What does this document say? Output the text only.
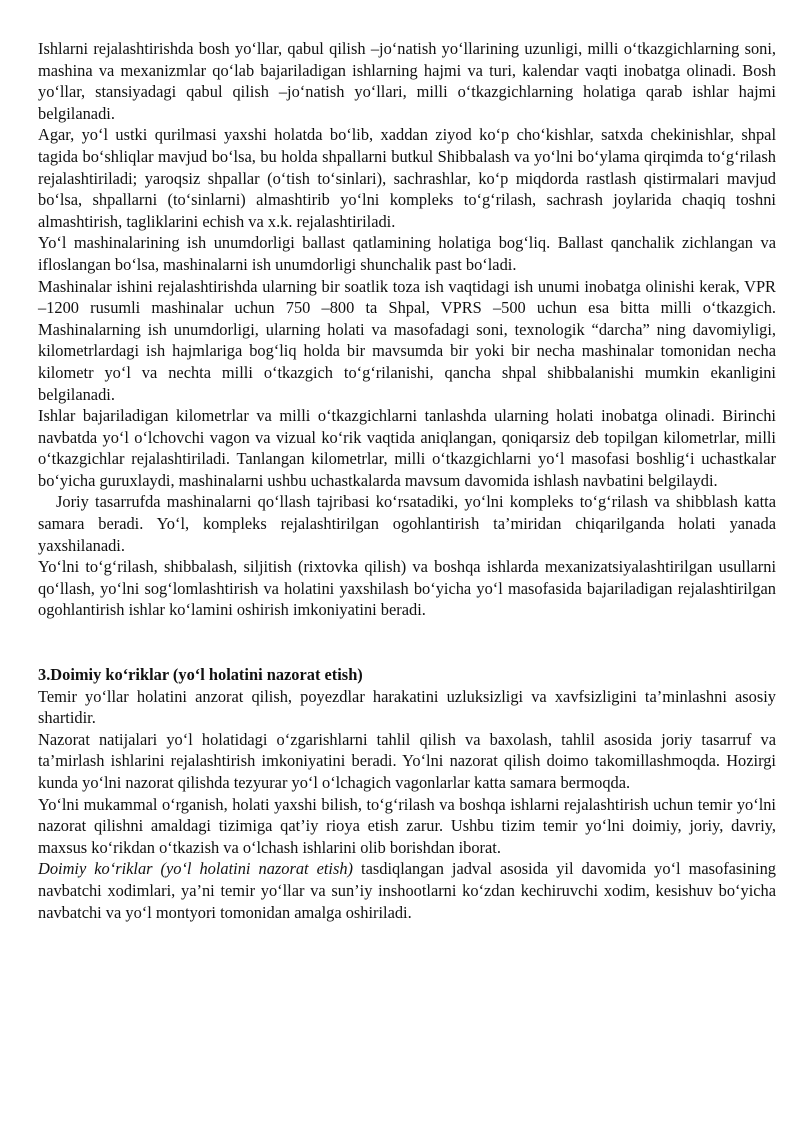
Ishlarni rejalashtirishda bosh yo‘llar, qabul qilish –jo‘natish yo‘llarining uzunligi, milli o‘tkazgichlarning soni, mashina va mexanizmlar qo‘lab bajariladigan ishlarning hajmi va turi, kalendar vaqti inobatga olinadi. Bosh yo‘llar, stansiyadagi qabul qilish –jo‘natish yo‘llari, milli o‘tkazgichlarning holatiga qarab ishlar hajmi belgilanadi.

Agar, yo‘l ustki qurilmasi yaxshi holatda bo‘lib, xaddan ziyod ko‘p cho‘kishlar, satxda chekinishlar, shpal tagida bo‘shliqlar mavjud bo‘lsa, bu holda shpallarni butkul Shibbalash va yo‘lni bo‘ylama qirqimda to‘g‘rilash rejalashtiriladi; yaroqsiz shpallar (o‘tish to‘sinlari), sachrashlar, ko‘p miqdorda rastlash qistirmalari mavjud bo‘lsa, shpallarni (to‘sinlarni) almashtirib yo‘lni kompleks to‘g‘rilash, sachrash joylarida chaqiq toshni almashtirish, tagliklarini echish va x.k. rejalashtiriladi.

Yo‘l mashinalarining ish unumdorligi ballast qatlamining holatiga bog‘liq. Ballast qanchalik zichlangan va ifloslangan bo‘lsa, mashinalarni ish unumdorligi shunchalik past bo‘ladi.

Mashinalar ishini rejalashtirishda ularning bir soatlik toza ish vaqtidagi ish unumi inobatga olinishi kerak, VPR –1200 rusumli mashinalar uchun 750 –800 ta Shpal, VPRS –500 uchun esa bitta milli o‘tkazgich. Mashinalarning ish unumdorligi, ularning holati va masofadagi soni, texnologik “darcha” ning davomiyligi, kilometrlardagi ish hajmlariga bog‘liq holda bir mavsumda bir yoki bir necha mashinalar tomonidan necha kilometr yo‘l va nechta milli o‘tkazgich to‘g‘rilanishi, qancha shpal shibbalanishi mumkin ekanligini belgilanadi.

Ishlar bajariladigan kilometrlar va milli o‘tkazgichlarni tanlashda ularning holati inobatga olinadi. Birinchi navbatda yo‘l o‘lchovchi vagon va vizual ko‘rik vaqtida aniqlangan, qoniqarsiz deb topilgan kilometrlar, milli o‘tkazgichlar rejalashtiriladi. Tanlangan kilometrlar, milli o‘tkazgichlarni yo‘l masofasi boshlig‘i uchastkalar bo‘yicha guruxlaydi, mashinalarni ushbu uchastkalarda mavsum davomida ishlash navbatini belgilaydi.

Joriy tasarrufda mashinalarni qo‘llash tajribasi ko‘rsatadiki, yo‘lni kompleks to‘g‘rilash va shibblash katta samara beradi. Yo‘l, kompleks rejalashtirilgan ogohlantirish ta’miridan chiqarilganda holati yanada yaxshilanadi.

Yo‘lni to‘g‘rilash, shibbalash, siljitish (rixtovka qilish) va boshqa ishlarda mexanizatsiyalashtirilgan usullarni qo‘llash, yo‘lni sog‘lomlashtirish va holatini yaxshilash bo‘yicha yo‘l masofasida bajariladigan rejalashtirilgan ogohlantirish ishlar ko‘lamini oshirish imkoniyatini beradi.

3.Doimiy ko‘riklar (yo‘l holatini nazorat etish)

Temir yo‘llar holatini anzorat qilish, poyezdlar harakatini uzluksizligi va xavfsizligini ta’minlashni asosiy shartidir.

Nazorat natijalari yo‘l holatidagi o‘zgarishlarni tahlil qilish va baxolash, tahlil asosida joriy tasarruf va ta’mirlash ishlarini rejalashtirish imkoniyatini beradi. Yo‘lni nazorat qilish doimo takomillashmoqda. Hozirgi kunda yo‘lni nazorat qilishda tezyurar yo‘l o‘lchagich vagonlarlar katta samara bermoqda.

Yo‘lni mukammal o‘rganish, holati yaxshi bilish, to‘g‘rilash va boshqa ishlarni rejalashtirish uchun temir yo‘lni nazorat qilishni amaldagi tizimiga qat’iy rioya etish zarur. Ushbu tizim temir yo‘lni doimiy, joriy, davriy, maxsus ko‘rikdan o‘tkazish va o‘lchash ishlarini olib borishdan iborat.

Doimiy ko‘riklar (yo‘l holatini nazorat etish) tasdiqlangan jadval asosida yil davomida yo‘l masofasining navbatchi xodimlari, ya’ni temir yo‘llar va sun’iy inshootlarni ko‘zdan kechiruvchi xodim, kesishuv bo‘yicha navbatchi va yo‘l montyori tomonidan amalga oshiriladi.
